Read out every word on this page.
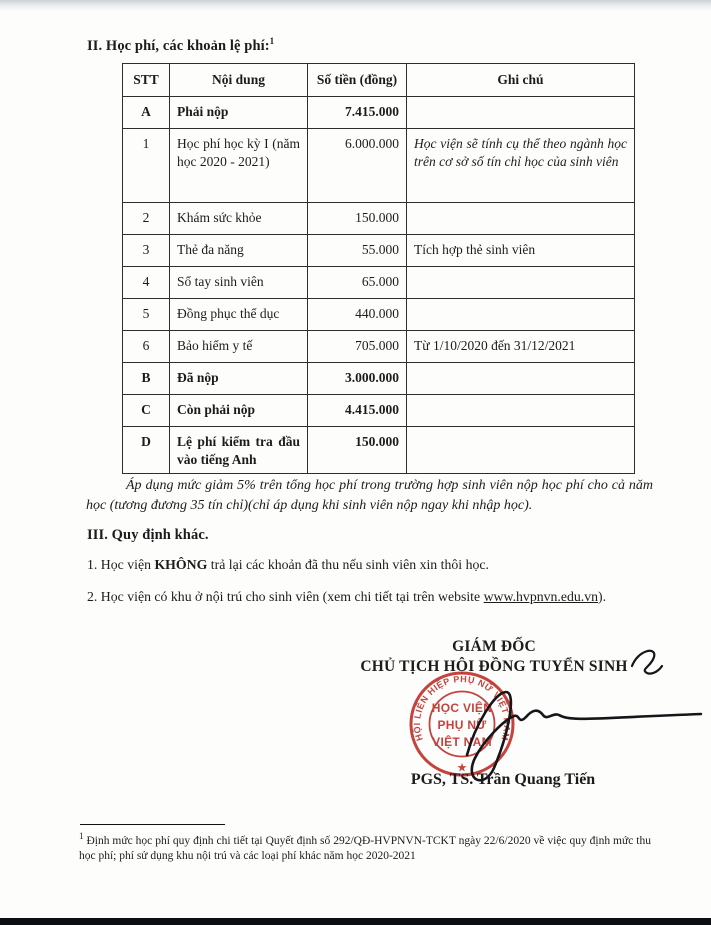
II. Học phí, các khoản lệ phí:$^1$
STT	Nội dung	Số tiền (đồng)	Ghi chú
A	Phải nộp	7.415.000	
1	Học phí học kỳ I (năm học 2020 - 2021)	6.000.000	Học viện sẽ tính cụ thể theo ngành học trên cơ sở số tín chỉ học của sinh viên
2	Khám sức khỏe	150.000	
3	Thẻ đa năng	55.000	Tích hợp thẻ sinh viên
4	Sổ tay sinh viên	65.000	
5	Đồng phục thể dục	440.000	
6	Bảo hiểm y tế	705.000	Từ 1/10/2020 đến 31/12/2021
B	Đã nộp	3.000.000	
C	Còn phải nộp	4.415.000	
D	Lệ phí kiểm tra đầu vào tiếng Anh	150.000	

Áp dụng mức giảm 5% trên tổng học phí trong trường hợp sinh viên nộp học phí cho cả năm học (tương đương 35 tín chỉ)(chỉ áp dụng khi sinh viên nộp ngay khi nhập học).

III. Quy định khác.

1. Học viện KHÔNG trả lại các khoản đã thu nếu sinh viên xin thôi học.

2. Học viện có khu ở nội trú cho sinh viên (xem chi tiết tại trên website www.hvpnvn.edu.vn).

GIÁM ĐỐC
CHỦ TỊCH HỘI ĐỒNG TUYỂN SINH
HỘI LIÊN HIỆP PHỤ NỮ VIỆT NAM
★
HỌC VIỆN
PHỤ NỮ
VIỆT NAM
PGS, TS. Trần Quang Tiến

$^1$ Định mức học phí quy định chi tiết tại Quyết định số 292/QĐ-HVPNVN-TCKT ngày 22/6/2020 về việc quy định mức thu học phí; phí sử dụng khu nội trú và các loại phí khác năm học 2020-2021
